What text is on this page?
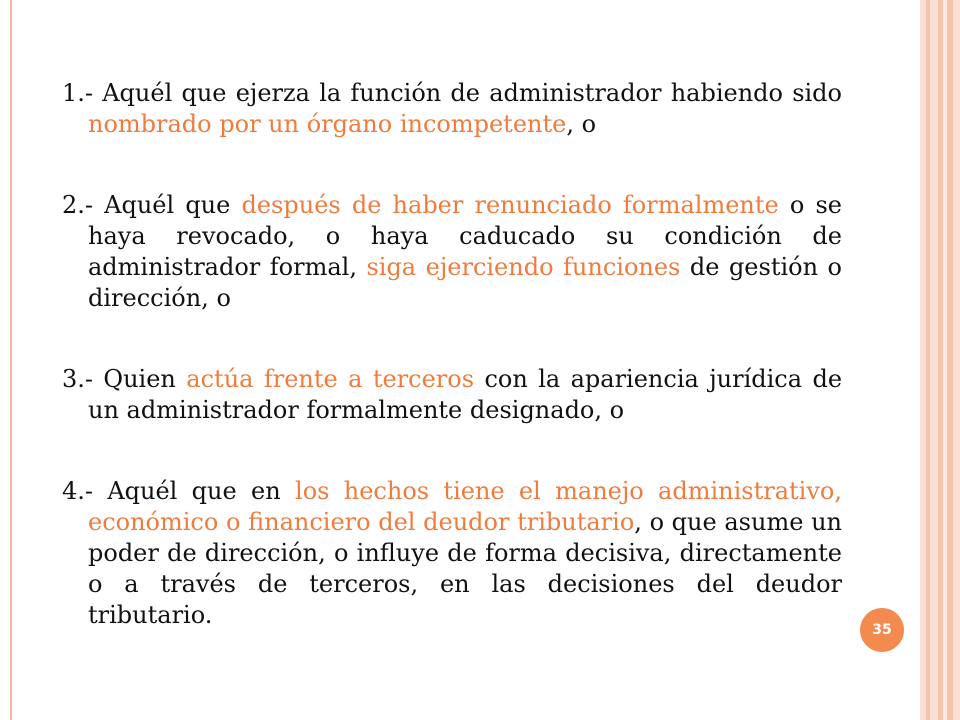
1.- Aquél que ejerza la función de administrador habiendo sido nombrado por un órgano incompetente, o

2.- Aquél que después de haber renunciado formalmente o se haya revocado, o haya caducado su condición de administrador formal, siga ejerciendo funciones de gestión o dirección, o

3.- Quien actúa frente a terceros con la apariencia jurídica de un administrador formalmente designado, o

4.- Aquél que en los hechos tiene el manejo administrativo, económico o financiero del deudor tributario, o que asume un poder de dirección, o influye de forma decisiva, directamente o a través de terceros, en las decisiones del deudor tributario.

35
